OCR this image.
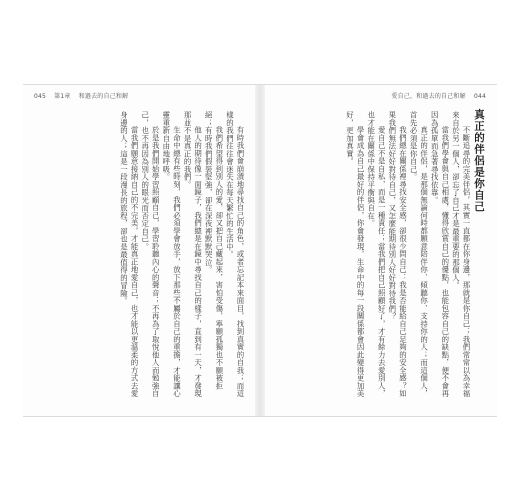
045 第1章 和過去的自己和解

有時我們會崩潰地尋找自己的角色，或者忘記本來面目，找到真實的自我；而這樣的我們往往會迷失在每天繁忙的生活中。

我們希望得到別人的愛，卻又把自己藏起來，害怕受傷，寧願孤獨也不願被拒絕；有時我們假裝堅強，卻在深夜裡默默哭泣。

他人的期待像一面鏡子，我們總是在鏡中尋找自己的樣子，直到有一天，才發現那並不是真正的我們。

生命中總有些時刻，我們必須學會放手，放下那些不屬於自己的重擔，才能讓心靈重新自由地呼吸。

於是我們開始學習照顧自己，學習聆聽內心的聲音；不再為了取悅他人而勉強自己，也不再因為別人的眼光而否定自己。

當我們願意接納自己的不完美，才能真正地愛自己，也才能以更溫柔的方式去愛身邊的人；這是一段漫長的旅程，卻也是最值得的冒險。

愛自己，和過去的自己和解 044
真正的伴侶是你自己

不斷追尋的完美伴侶，其實一直都在你身邊，那就是你自己；我們常常以為幸福來自於另一個人，卻忘了自己才是最重要的那個人。

當我們學會與自己相處，懂得欣賞自己的優點，也能包容自己的缺點，便不會再因為孤單而急著尋找依靠。

真正的伴侶，是那個無論何時都願意陪伴你、傾聽你、支持你的人；而這個人，首先必須是你自己。

我們總在關係裡尋找安全感，卻很少問自己：我是否能給自己足夠的安全感？如果我們無法好好對待自己，又怎麼能期待別人好好對待我們？

愛自己不是自私，而是一種責任；當我們把自己照顧好了，才有餘力去愛別人，也才能在關係中保持平衡與自在。

學會成為自己最好的伴侶，你會發現，生命中的每一段關係都會因此變得更加美好，更加真實。
